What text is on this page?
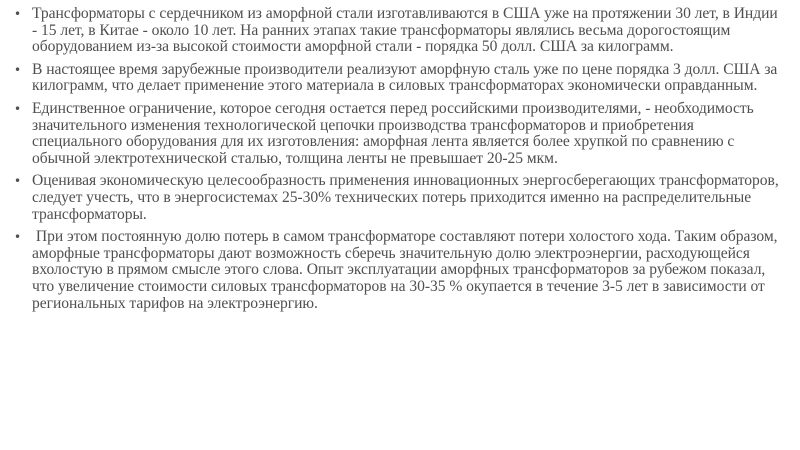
• Трансформаторы с сердечником из аморфной стали изготавливаются в США уже на протяжении 30 лет, в Индии - 15 лет, в Китае - около 10 лет. На ранних этапах такие трансформаторы являлись весьма дорогостоящим оборудованием из-за высокой стоимости аморфной стали - порядка 50 долл. США за килограмм.
• В настоящее время зарубежные производители реализуют аморфную сталь уже по цене порядка 3 долл. США за килограмм, что делает применение этого материала в силовых трансформаторах экономически оправданным.
• Единственное ограничение, которое сегодня остается перед российскими производителями, - необходимость значительного изменения технологической цепочки производства трансформаторов и приобретения специального оборудования для их изготовления: аморфная лента является более хрупкой по сравнению с обычной электротехнической сталью, толщина ленты не превышает 20-25 мкм.
• Оценивая экономическую целесообразность применения инновационных энергосберегающих трансформаторов, следует учесть, что в энергосистемах 25-30% технических потерь приходится именно на распределительные трансформаторы.
• При этом постоянную долю потерь в самом трансформаторе составляют потери холостого хода. Таким образом, аморфные трансформаторы дают возможность сберечь значительную долю электроэнергии, расходующейся вхолостую в прямом смысле этого слова. Опыт эксплуатации аморфных трансформаторов за рубежом показал, что увеличение стоимости силовых трансформаторов на 30-35 % окупается в течение 3-5 лет в зависимости от региональных тарифов на электроэнергию.
